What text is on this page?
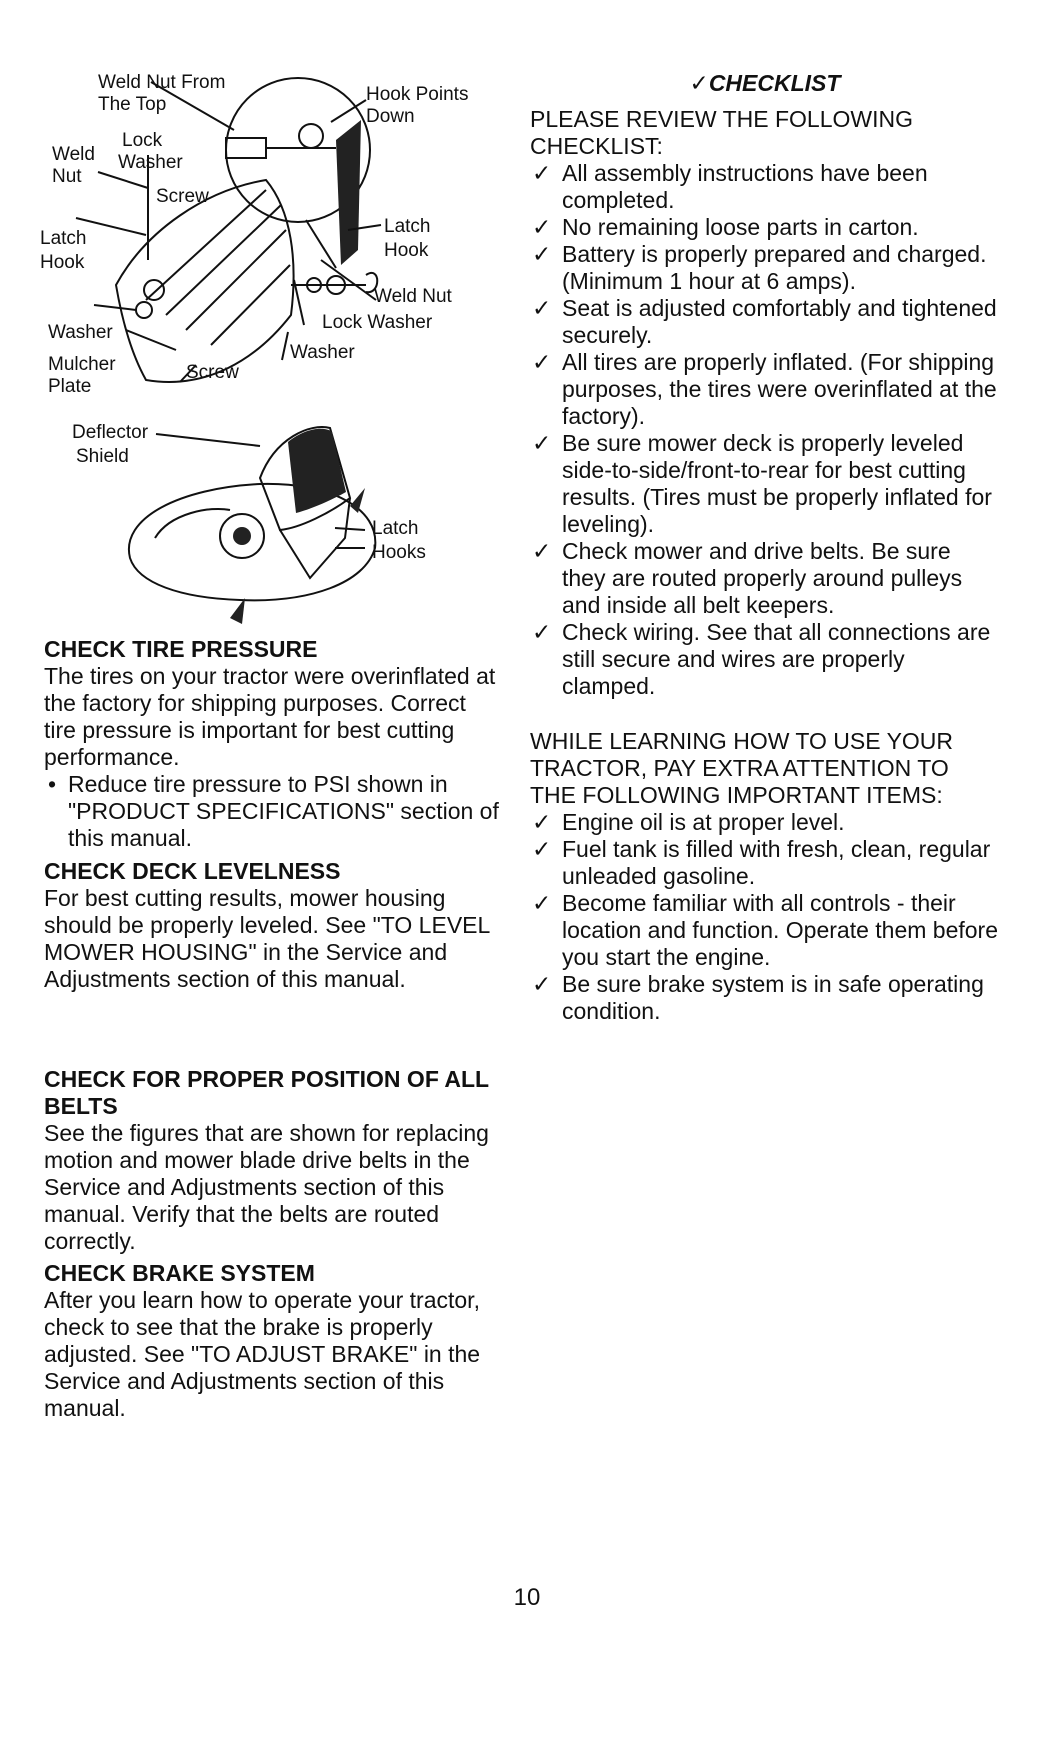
Weld Nut From
The Top	Hook Points
Down
Lock
Washer
Weld
Nut
Screw
Latch
Hook
Latch
Hook
Weld Nut
Lock Washer
Washer
Washer
Mulcher
Plate
Screw
Deflector
Shield
Latch
Hooks

CHECK TIRE PRESSURE

The tires on your tractor were overinflated at the factory for shipping purposes. Correct tire pressure is important for best cutting performance.

• Reduce tire pressure to PSI shown in "PRODUCT SPECIFICATIONS" section of this manual.

CHECK DECK LEVELNESS

For best cutting results, mower housing should be properly leveled. See "TO LEVEL MOWER HOUSING" in the Service and Adjustments section of this manual.

CHECK FOR PROPER POSITION OF ALL BELTS

See the figures that are shown for replacing motion and mower blade drive belts in the Service and Adjustments section of this manual. Verify that the belts are routed correctly.

CHECK BRAKE SYSTEM

After you learn how to operate your tractor, check to see that the brake is properly adjusted. See "TO ADJUST BRAKE" in the Service and Adjustments section of this manual.

✓CHECKLIST

PLEASE REVIEW THE FOLLOWING CHECKLIST:

✓ All assembly instructions have been completed.
✓ No remaining loose parts in carton.
✓ Battery is properly prepared and charged. (Minimum 1 hour at 6 amps).
✓ Seat is adjusted comfortably and tightened securely.
✓ All tires are properly inflated. (For shipping purposes, the tires were overinflated at the factory).
✓ Be sure mower deck is properly leveled side-to-side/front-to-rear for best cutting results. (Tires must be properly inflated for leveling).
✓ Check mower and drive belts. Be sure they are routed properly around pulleys and inside all belt keepers.
✓ Check wiring. See that all connections are still secure and wires are properly clamped.

WHILE LEARNING HOW TO USE YOUR TRACTOR, PAY EXTRA ATTENTION TO THE FOLLOWING IMPORTANT ITEMS:

✓ Engine oil is at proper level.
✓ Fuel tank is filled with fresh, clean, regular unleaded gasoline.
✓ Become familiar with all controls - their location and function. Operate them before you start the engine.
✓ Be sure brake system is in safe operating condition.
10
